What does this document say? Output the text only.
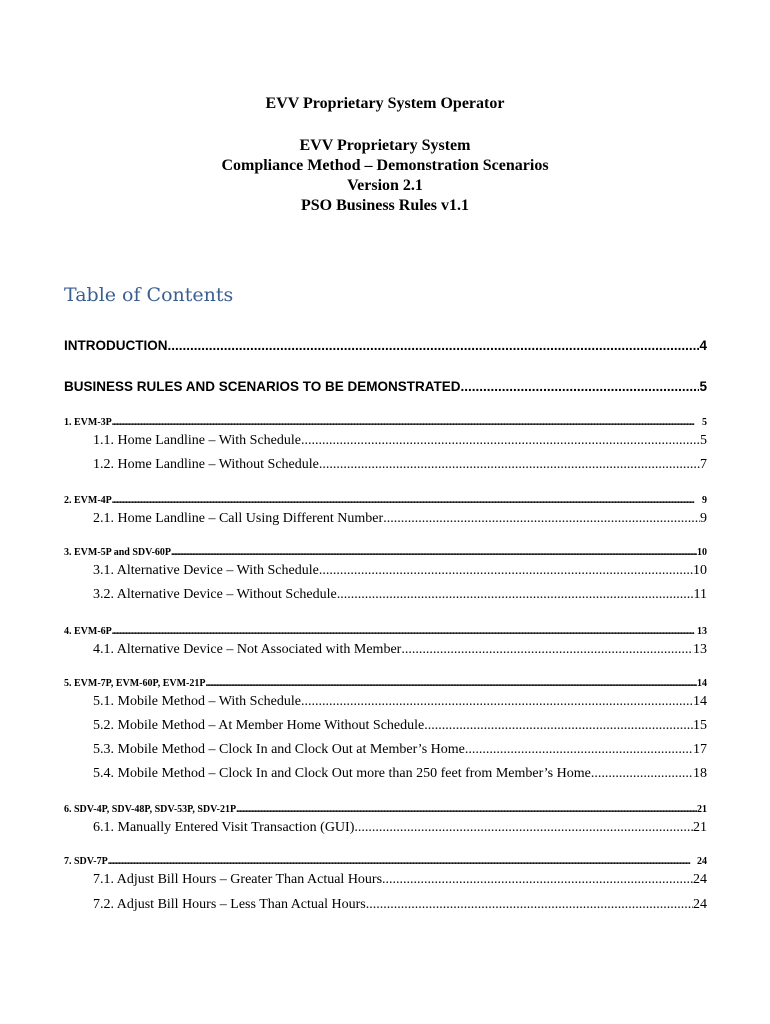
EVV Proprietary System Operator
EVV Proprietary System
Compliance Method – Demonstration Scenarios
Version 2.1
PSO Business Rules v1.1
Table of Contents
INTRODUCTION .....	4
BUSINESS RULES AND SCENARIOS TO BE DEMONSTRATED .....	5
1. EVM-3P .....	5
1.1. Home Landline – With Schedule .....	5
1.2. Home Landline – Without Schedule .....	7
2. EVM-4P .....	9
2.1. Home Landline – Call Using Different Number .....	9
3. EVM-5P and SDV-60P .....	10
3.1. Alternative Device – With Schedule .....	10
3.2. Alternative Device – Without Schedule .....	11
4. EVM-6P .....	13
4.1. Alternative Device – Not Associated with Member .....	13
5. EVM-7P, EVM-60P, EVM-21P .....	14
5.1. Mobile Method – With Schedule .....	14
5.2. Mobile Method – At Member Home Without Schedule .....	15
5.3. Mobile Method – Clock In and Clock Out at Member’s Home .....	17
5.4. Mobile Method – Clock In and Clock Out more than 250 feet from Member’s Home .....	18
6. SDV-4P, SDV-48P, SDV-53P, SDV-21P .....	21
6.1. Manually Entered Visit Transaction (GUI) .....	21
7. SDV-7P .....	24
7.1. Adjust Bill Hours – Greater Than Actual Hours .....	24
7.2. Adjust Bill Hours – Less Than Actual Hours .....	24
